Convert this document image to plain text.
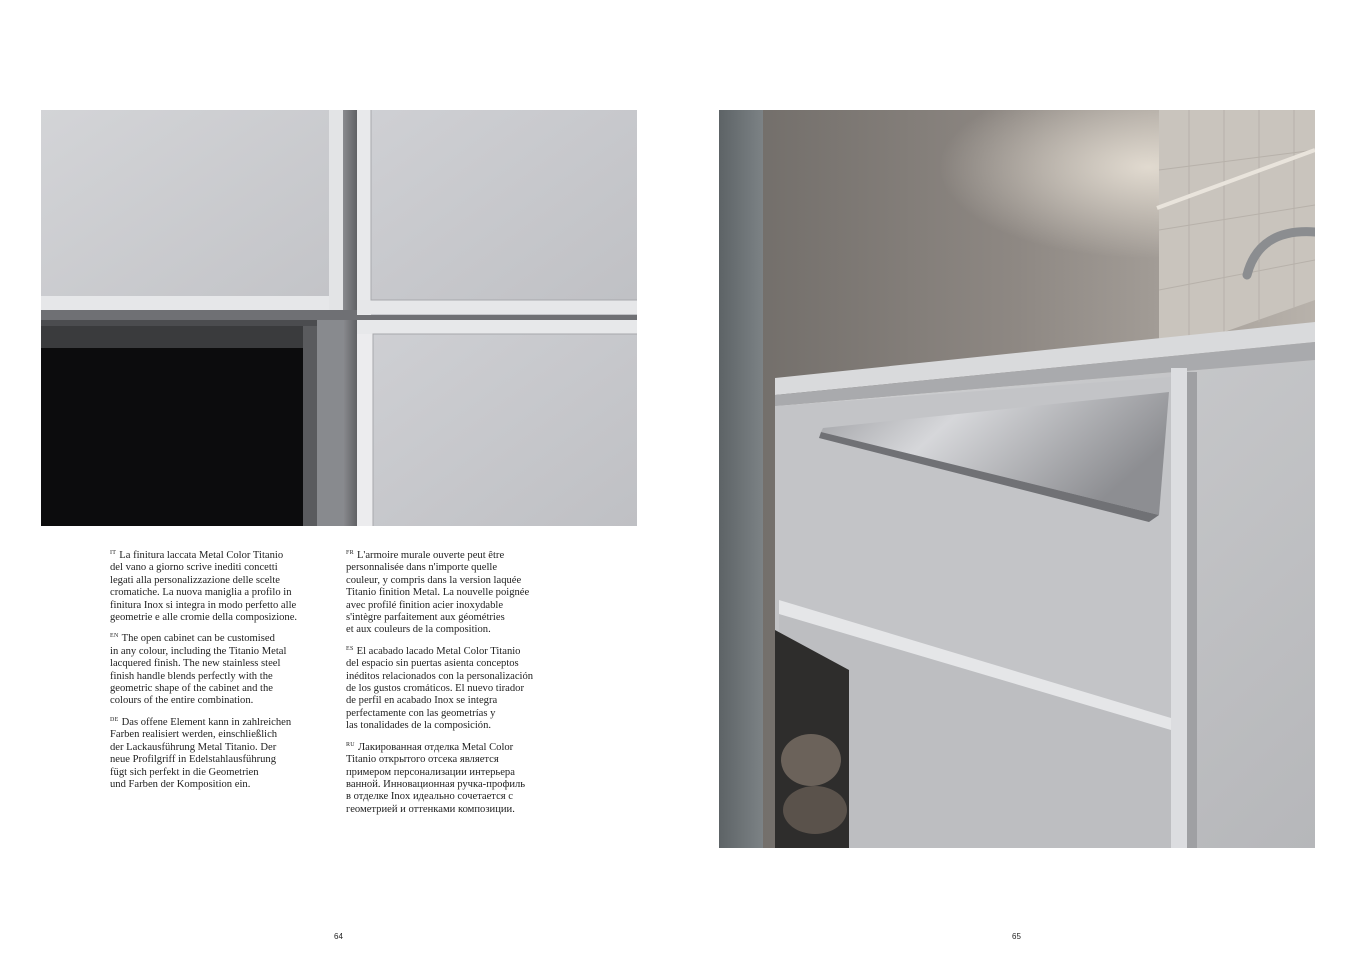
$^{IT}$ La finitura laccata Metal Color Titanio
del vano a giorno scrive inediti concetti
legati alla personalizzazione delle scelte
cromatiche. La nuova maniglia a profilo in
finitura Inox si integra in modo perfetto alle
geometrie e alle cromie della composizione.

$^{EN}$ The open cabinet can be customised
in any colour, including the Titanio Metal
lacquered finish. The new stainless steel
finish handle blends perfectly with the
geometric shape of the cabinet and the
colours of the entire combination.

$^{DE}$ Das offene Element kann in zahlreichen
Farben realisiert werden, einschließlich
der Lackausführung Metal Titanio. Der
neue Profilgriff in Edelstahlausführung
fügt sich perfekt in die Geometrien
und Farben der Komposition ein.

$^{FR}$ L'armoire murale ouverte peut être
personnalisée dans n'importe quelle
couleur, y compris dans la version laquée
Titanio finition Metal. La nouvelle poignée
avec profilé finition acier inoxydable
s'intègre parfaitement aux géométries
et aux couleurs de la composition.

$^{ES}$ El acabado lacado Metal Color Titanio
del espacio sin puertas asienta conceptos
inéditos relacionados con la personalización
de los gustos cromáticos. El nuevo tirador
de perfil en acabado Inox se integra
perfectamente con las geometrías y
las tonalidades de la composición.

$^{RU}$ Лакированная отделка Metal Color
Titanio открытого отсека является
примером персонализации интерьера
ванной. Инновационная ручка-профиль
в отделке Inox идеально сочетается с
геометрией и оттенками композиции.

64	65
